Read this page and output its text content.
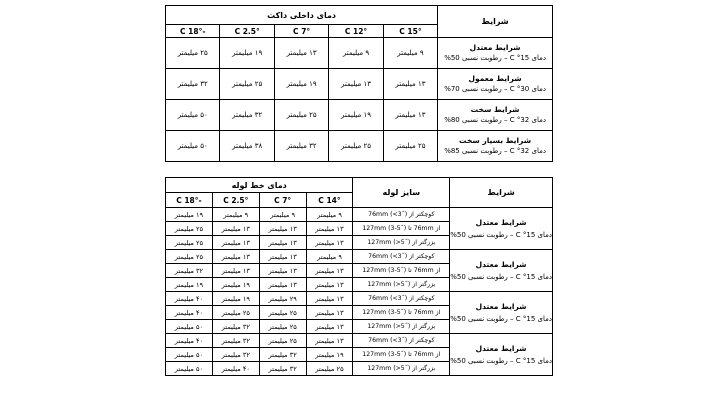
شرایط	دمای داخلی داکت				
	15° C	12° C	7° C	2.5° C	-18° C

شرایط معتدل
دمای 15° C – رطوبت نسبی 50%	۹ میلیمتر	۹ میلیمتر	۱۳ میلیمتر	۱۹ میلیمتر	۲۵ میلیمتر

شرایط معمول
دمای 30° C – رطوبت نسبی 70%	۱۳ میلیمتر	۱۳ میلیمتر	۱۹ میلیمتر	۲۵ میلیمتر	۳۲ میلیمتر

شرایط سخت
دمای 32° C – رطوبت نسبی 80%	۱۳ میلیمتر	۱۹ میلیمتر	۲۵ میلیمتر	۳۲ میلیمتر	۵۰ میلیمتر

شرایط بسیار سخت
دمای 32° C – رطوبت نسبی 85%	۲۵ میلیمتر	۲۵ میلیمتر	۳۲ میلیمتر	۳۸ میلیمتر	۵۰ میلیمتر
شرایط	سایز لوله	دمای خط لوله			
		14° C	7° C	2.5° C	-18° C

شرایط معتدل
دمای 15° C – رطوبت نسبی 50%	کوچکتر از 76mm (<3˝)	۹ میلیمتر	۹ میلیمتر	۹ میلیمتر	۱۹ میلیمتر
	از 76mm تا 127mm (3-5˝)	۱۳ میلیمتر	۱۳ میلیمتر	۱۳ میلیمتر	۲۵ میلیمتر
	بزرگتر از 127mm (>5˝)	۱۳ میلیمتر	۱۳ میلیمتر	۱۳ میلیمتر	۲۵ میلیمتر

شرایط معتدل
دمای 15° C – رطوبت نسبی 50%	کوچکتر از 76mm (<3˝)	۹ میلیمتر	۱۳ میلیمتر	۱۳ میلیمتر	۲۵ میلیمتر
	از 76mm تا 127mm (3-5˝)	۱۳ میلیمتر	۱۳ میلیمتر	۱۳ میلیمتر	۳۲ میلیمتر
	بزرگتر از 127mm (>5˝)	۱۳ میلیمتر	۱۳ میلیمتر	۱۹ میلیمتر	۱۹ میلیمتر

شرایط معتدل
دمای 15° C – رطوبت نسبی 50%	کوچکتر از 76mm (<3˝)	۱۳ میلیمتر	۲۹ میلیمتر	۱۹ میلیمتر	۴۰ میلیمتر
	از 76mm تا 127mm (3-5˝)	۱۳ میلیمتر	۲۵ میلیمتر	۲۵ میلیمتر	۴۰ میلیمتر
	بزرگتر از 127mm (>5˝)	۱۳ میلیمتر	۲۵ میلیمتر	۳۲ میلیمتر	۵۰ میلیمتر

شرایط معتدل
دمای 15° C – رطوبت نسبی 50%	کوچکتر از 76mm (<3˝)	۱۳ میلیمتر	۲۵ میلیمتر	۳۲ میلیمتر	۴۰ میلیمتر
	از 76mm تا 127mm (3-5˝)	۱۹ میلیمتر	۳۲ میلیمتر	۳۲ میلیمتر	۵۰ میلیمتر
	بزرگتر از 127mm (>5˝)	۲۵ میلیمتر	۳۲ میلیمتر	۴۰ میلیمتر	۵۰ میلیمتر
